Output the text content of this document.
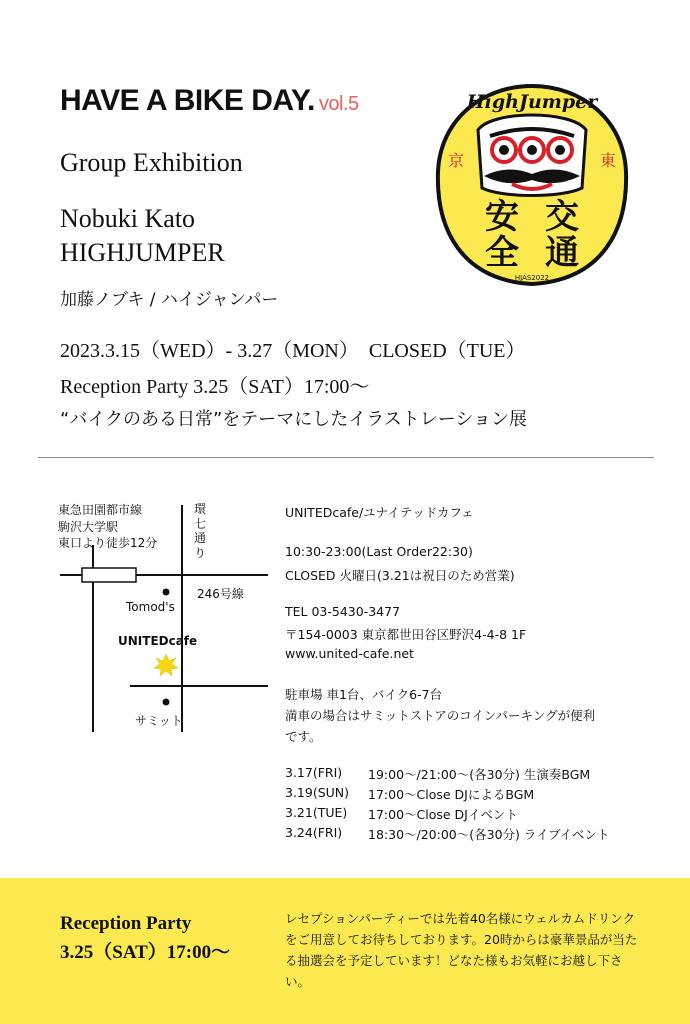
HAVE A BIKE DAY. vol.5
Group Exhibition
Nobuki Kato
HIGHJUMPER
加藤ノブキ / ハイジャンパー
2023.3.15（WED）- 3.27（MON）　CLOSED（TUE）
Reception Party 3.25（SAT）17:00～
“バイクのある日常”をテーマにしたイラストレーション展
HighJumper
京	東
安 交
全 通
HJAS2022
東急田園都市線
駒沢大学駅
東口より徒歩12分
環七通り
246号線
Tomod's
UNITEDcafe
サミット
UNITEDcafe/ユナイテッドカフェ
10:30-23:00(Last Order22:30)
CLOSED 火曜日(3.21は祝日のため営業)
TEL 03-5430-3477
〒154-0003 東京都世田谷区野沢4-4-8 1F
www.united-cafe.net
駐車場 車1台、バイク6-7台
満車の場合はサミットストアのコインパーキングが便利
です。
3.17(FRI) 19:00～/21:00～(各30分) 生演奏BGM
3.19(SUN) 17:00～Close DJによるBGM
3.21(TUE) 17:00～Close DJイベント
3.24(FRI) 18:30～/20:00～(各30分) ライブイベント
Reception Party
3.25（SAT）17:00～
レセプションパーティーでは先着40名様にウェルカムドリンクをご用意してお待ちしております。20時からは豪華景品が当たる抽選会を予定しています！どなた様もお気軽にお越し下さい。
